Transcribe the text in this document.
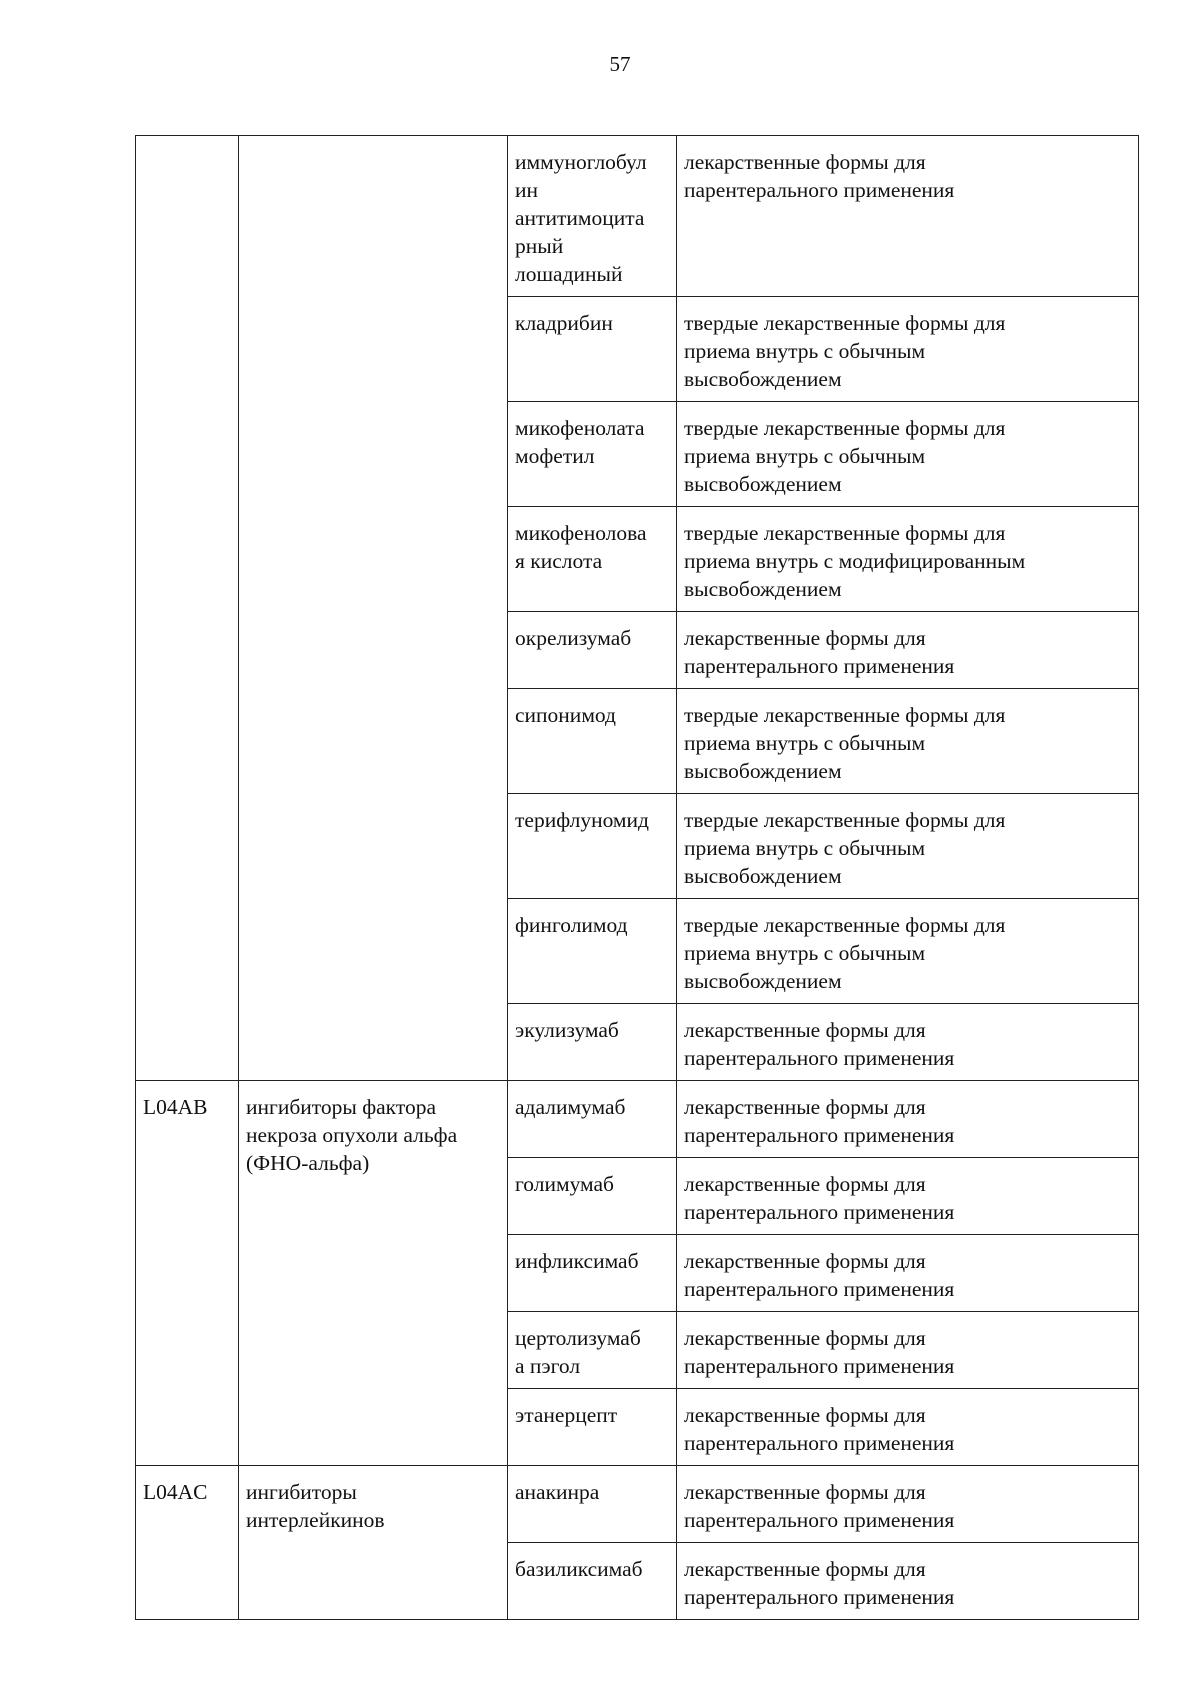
57
		иммуноглобул
ин
антитимоцита
рный
лошадиный	лекарственные формы для
парентерального применения
		кладрибин	твердые лекарственные формы для
приема внутрь с обычным
высвобождением
		микофенолата
мофетил	твердые лекарственные формы для
приема внутрь с обычным
высвобождением
		микофенолова
я кислота	твердые лекарственные формы для
приема внутрь с модифицированным
высвобождением
		окрелизумаб	лекарственные формы для
парентерального применения
		сипонимод	твердые лекарственные формы для
приема внутрь с обычным
высвобождением
		терифлуномид	твердые лекарственные формы для
приема внутрь с обычным
высвобождением
		финголимод	твердые лекарственные формы для
приема внутрь с обычным
высвобождением
		экулизумаб	лекарственные формы для
парентерального применения
L04AB	ингибиторы фактора
некроза опухоли альфа
(ФНО-альфа)	адалимумаб	лекарственные формы для
парентерального применения
		голимумаб	лекарственные формы для
парентерального применения
		инфликсимаб	лекарственные формы для
парентерального применения
		цертолизумаб
а пэгол	лекарственные формы для
парентерального применения
		этанерцепт	лекарственные формы для
парентерального применения
L04AC	ингибиторы
интерлейкинов	анакинра	лекарственные формы для
парентерального применения
		базиликсимаб	лекарственные формы для
парентерального применения
